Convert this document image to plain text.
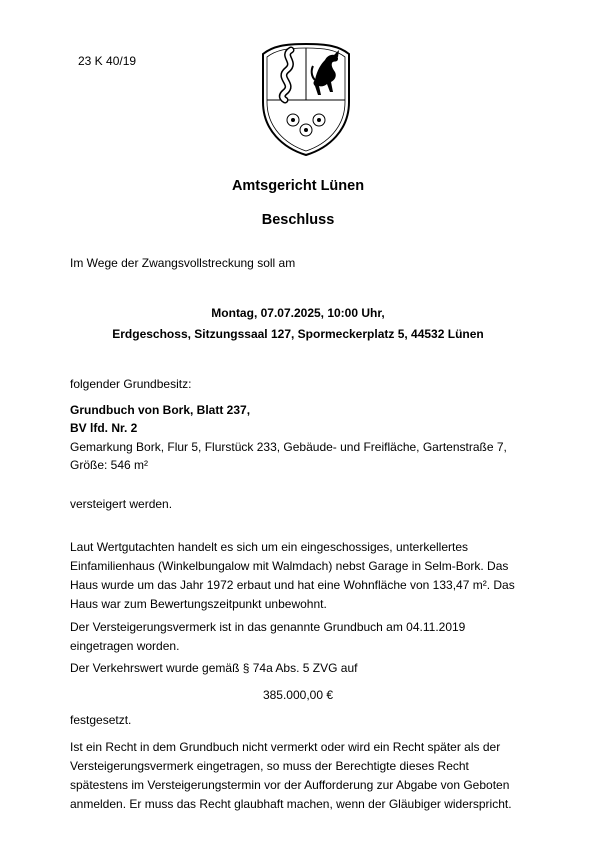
23 K 40/19

Amtsgericht Lünen

Beschluss

Im Wege der Zwangsvollstreckung soll am

Montag, 07.07.2025, 10:00 Uhr,

Erdgeschoss, Sitzungssaal 127, Spormeckerplatz 5, 44532 Lünen

folgender Grundbesitz:

Grundbuch von Bork, Blatt 237,

BV lfd. Nr. 2

Gemarkung Bork, Flur 5, Flurstück 233, Gebäude- und Freifläche, Gartenstraße 7,

Größe: 546 m²

versteigert werden.

Laut Wertgutachten handelt es sich um ein eingeschossiges, unterkellertes
Einfamilienhaus (Winkelbungalow mit Walmdach) nebst Garage in Selm-Bork. Das
Haus wurde um das Jahr 1972 erbaut und hat eine Wohnfläche von 133,47 m². Das
Haus war zum Bewertungszeitpunkt unbewohnt.
Der Versteigerungsvermerk ist in das genannte Grundbuch am 04.11.2019
eingetragen worden.

Der Verkehrswert wurde gemäß § 74a Abs. 5 ZVG auf

385.000,00 €

festgesetzt.

Ist ein Recht in dem Grundbuch nicht vermerkt oder wird ein Recht später als der
Versteigerungsvermerk eingetragen, so muss der Berechtigte dieses Recht
spätestens im Versteigerungstermin vor der Aufforderung zur Abgabe von Geboten
anmelden. Er muss das Recht glaubhaft machen, wenn der Gläubiger widerspricht.
